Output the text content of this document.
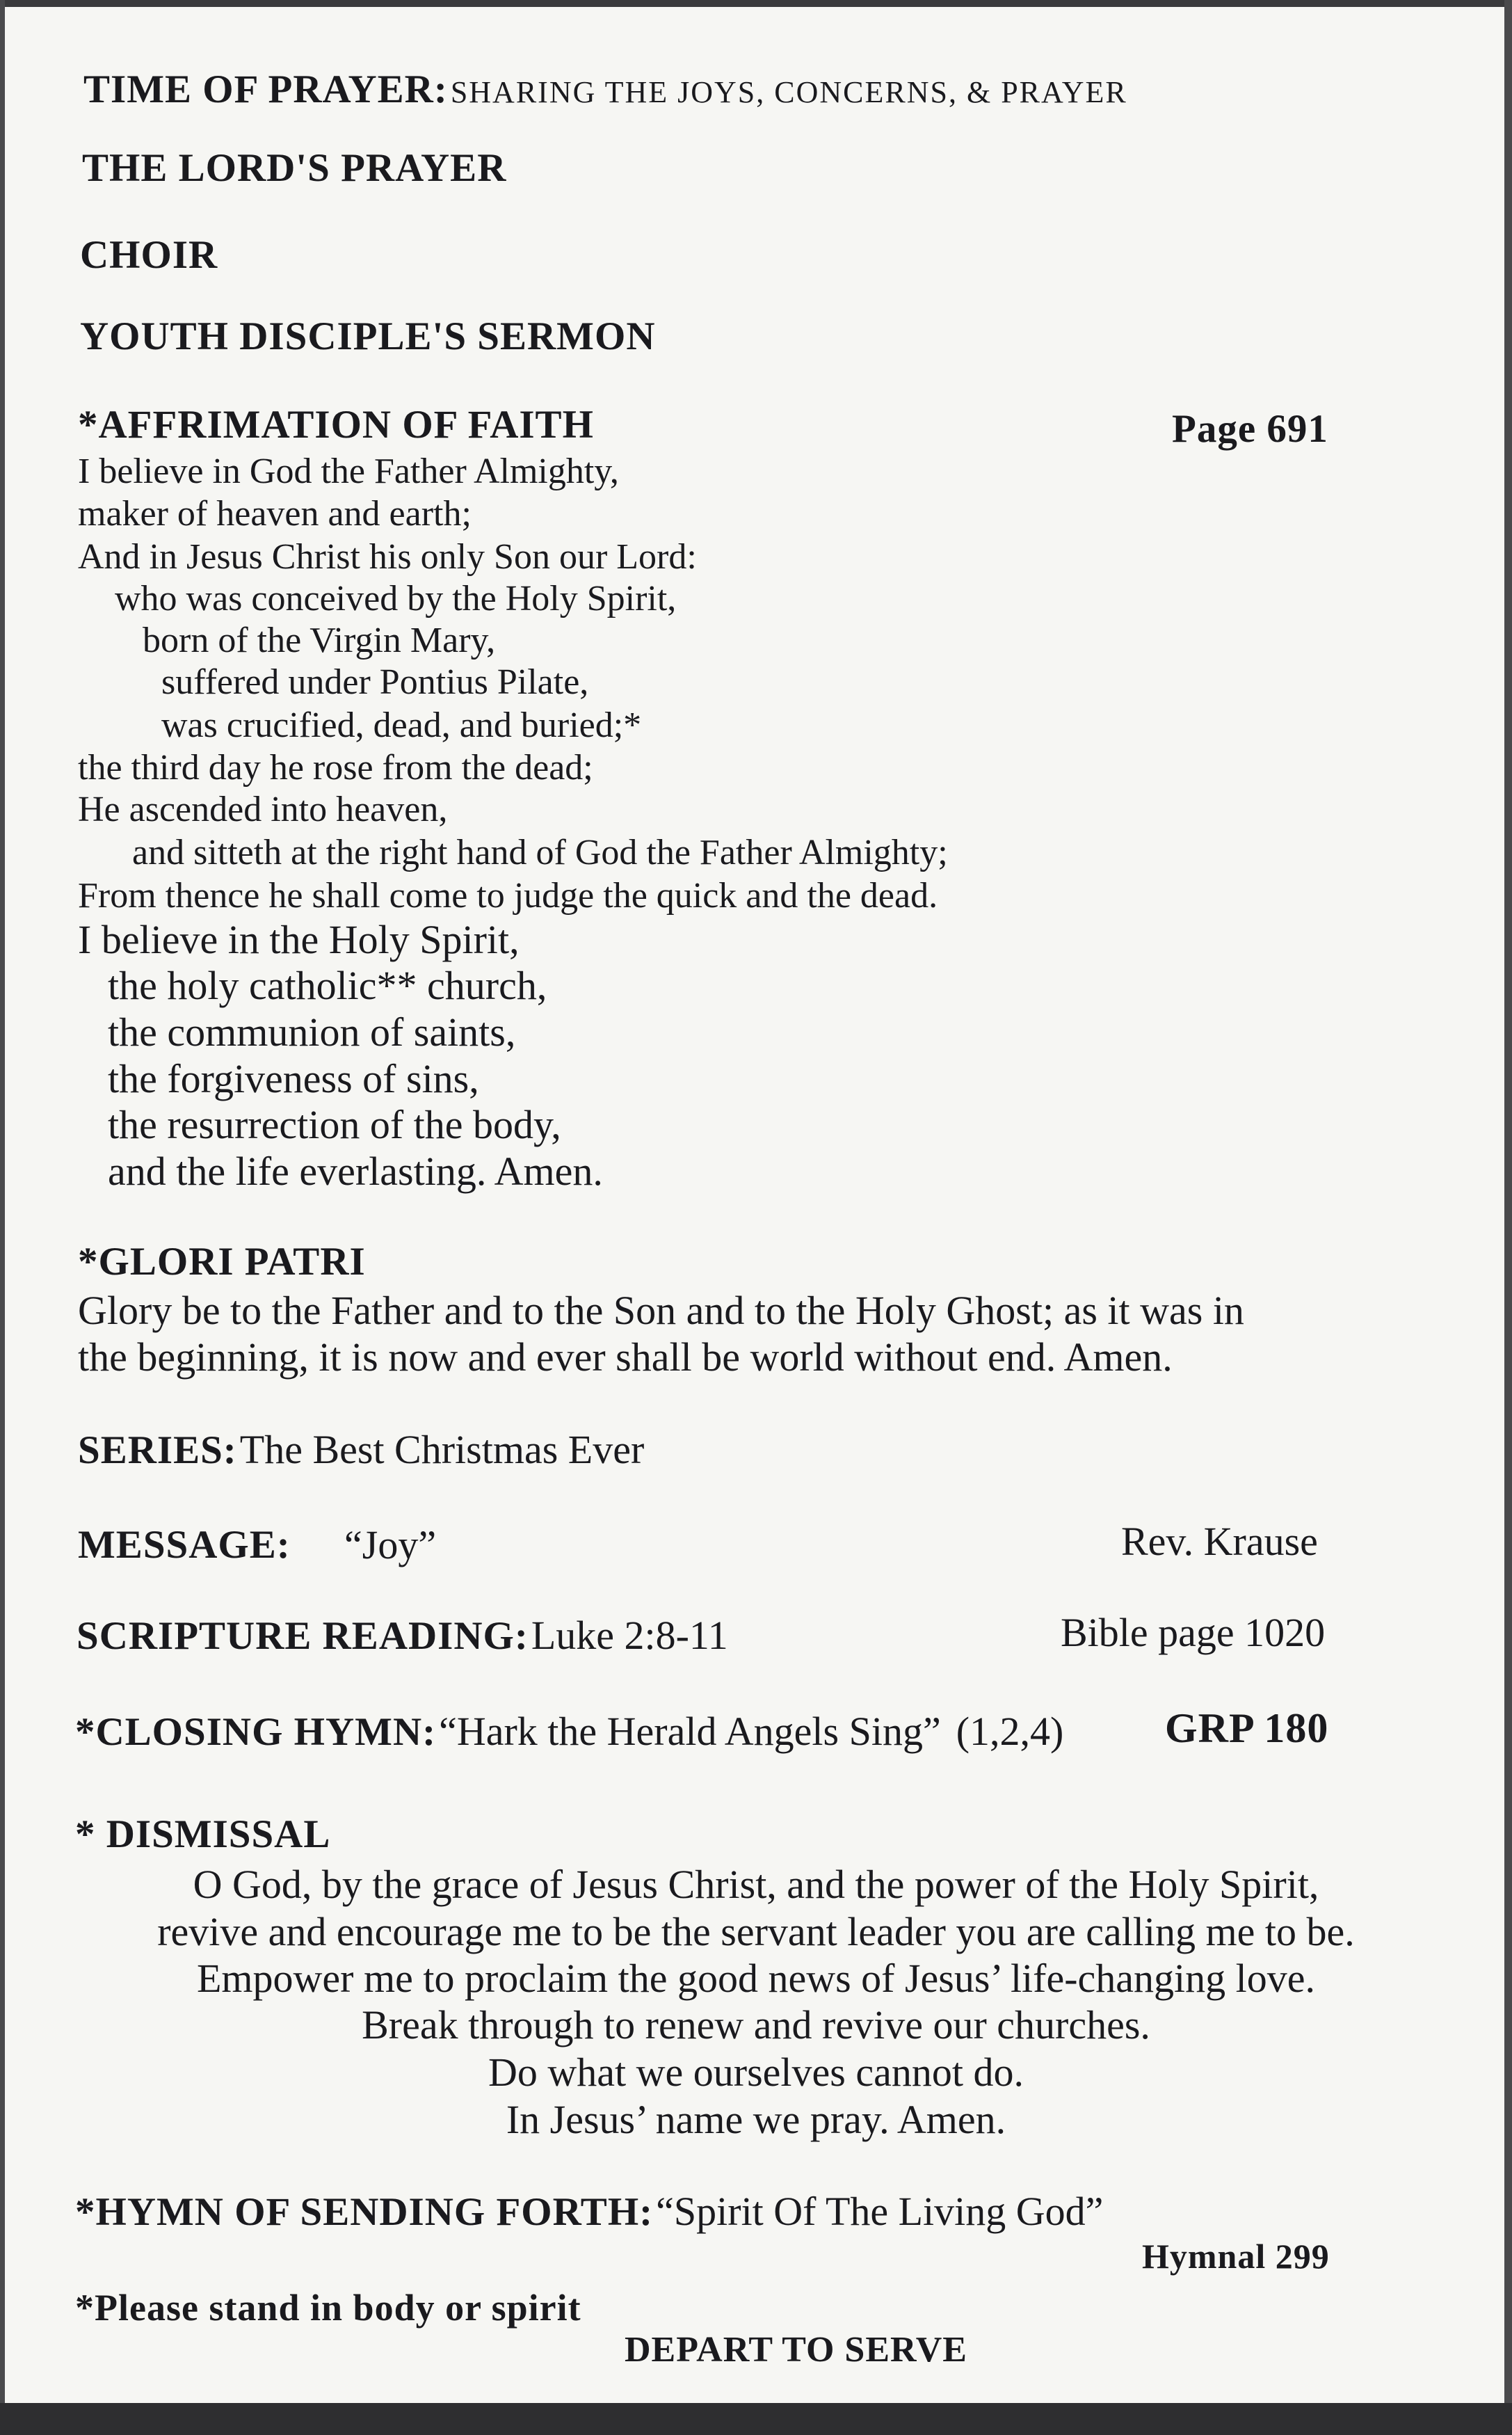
TIME OF PRAYER: SHARING THE JOYS, CONCERNS, & PRAYER
THE LORD'S PRAYER
CHOIR
YOUTH DISCIPLE'S SERMON
*AFFRIMATION OF FAITH	Page 691
I believe in God the Father Almighty,
maker of heaven and earth;
And in Jesus Christ his only Son our Lord:
who was conceived by the Holy Spirit,
born of the Virgin Mary,
suffered under Pontius Pilate,
was crucified, dead, and buried;*
the third day he rose from the dead;
He ascended into heaven,
and sitteth at the right hand of God the Father Almighty;
From thence he shall come to judge the quick and the dead.
I believe in the Holy Spirit,
the holy catholic** church,
the communion of saints,
the forgiveness of sins,
the resurrection of the body,
and the life everlasting. Amen.
*GLORI PATRI
Glory be to the Father and to the Son and to the Holy Ghost; as it was in
the beginning, it is now and ever shall be world without end. Amen.
SERIES: The Best Christmas Ever
MESSAGE: “Joy”	Rev. Krause
SCRIPTURE READING: Luke 2:8-11	Bible page 1020
*CLOSING HYMN: “Hark the Herald Angels Sing” (1,2,4) GRP 180
* DISMISSAL
O God, by the grace of Jesus Christ, and the power of the Holy Spirit,
revive and encourage me to be the servant leader you are calling me to be.
Empower me to proclaim the good news of Jesus’ life-changing love.
Break through to renew and revive our churches.
Do what we ourselves cannot do.
In Jesus’ name we pray. Amen.
*HYMN OF SENDING FORTH: “Spirit Of The Living God”
Hymnal 299
*Please stand in body or spirit
DEPART TO SERVE
